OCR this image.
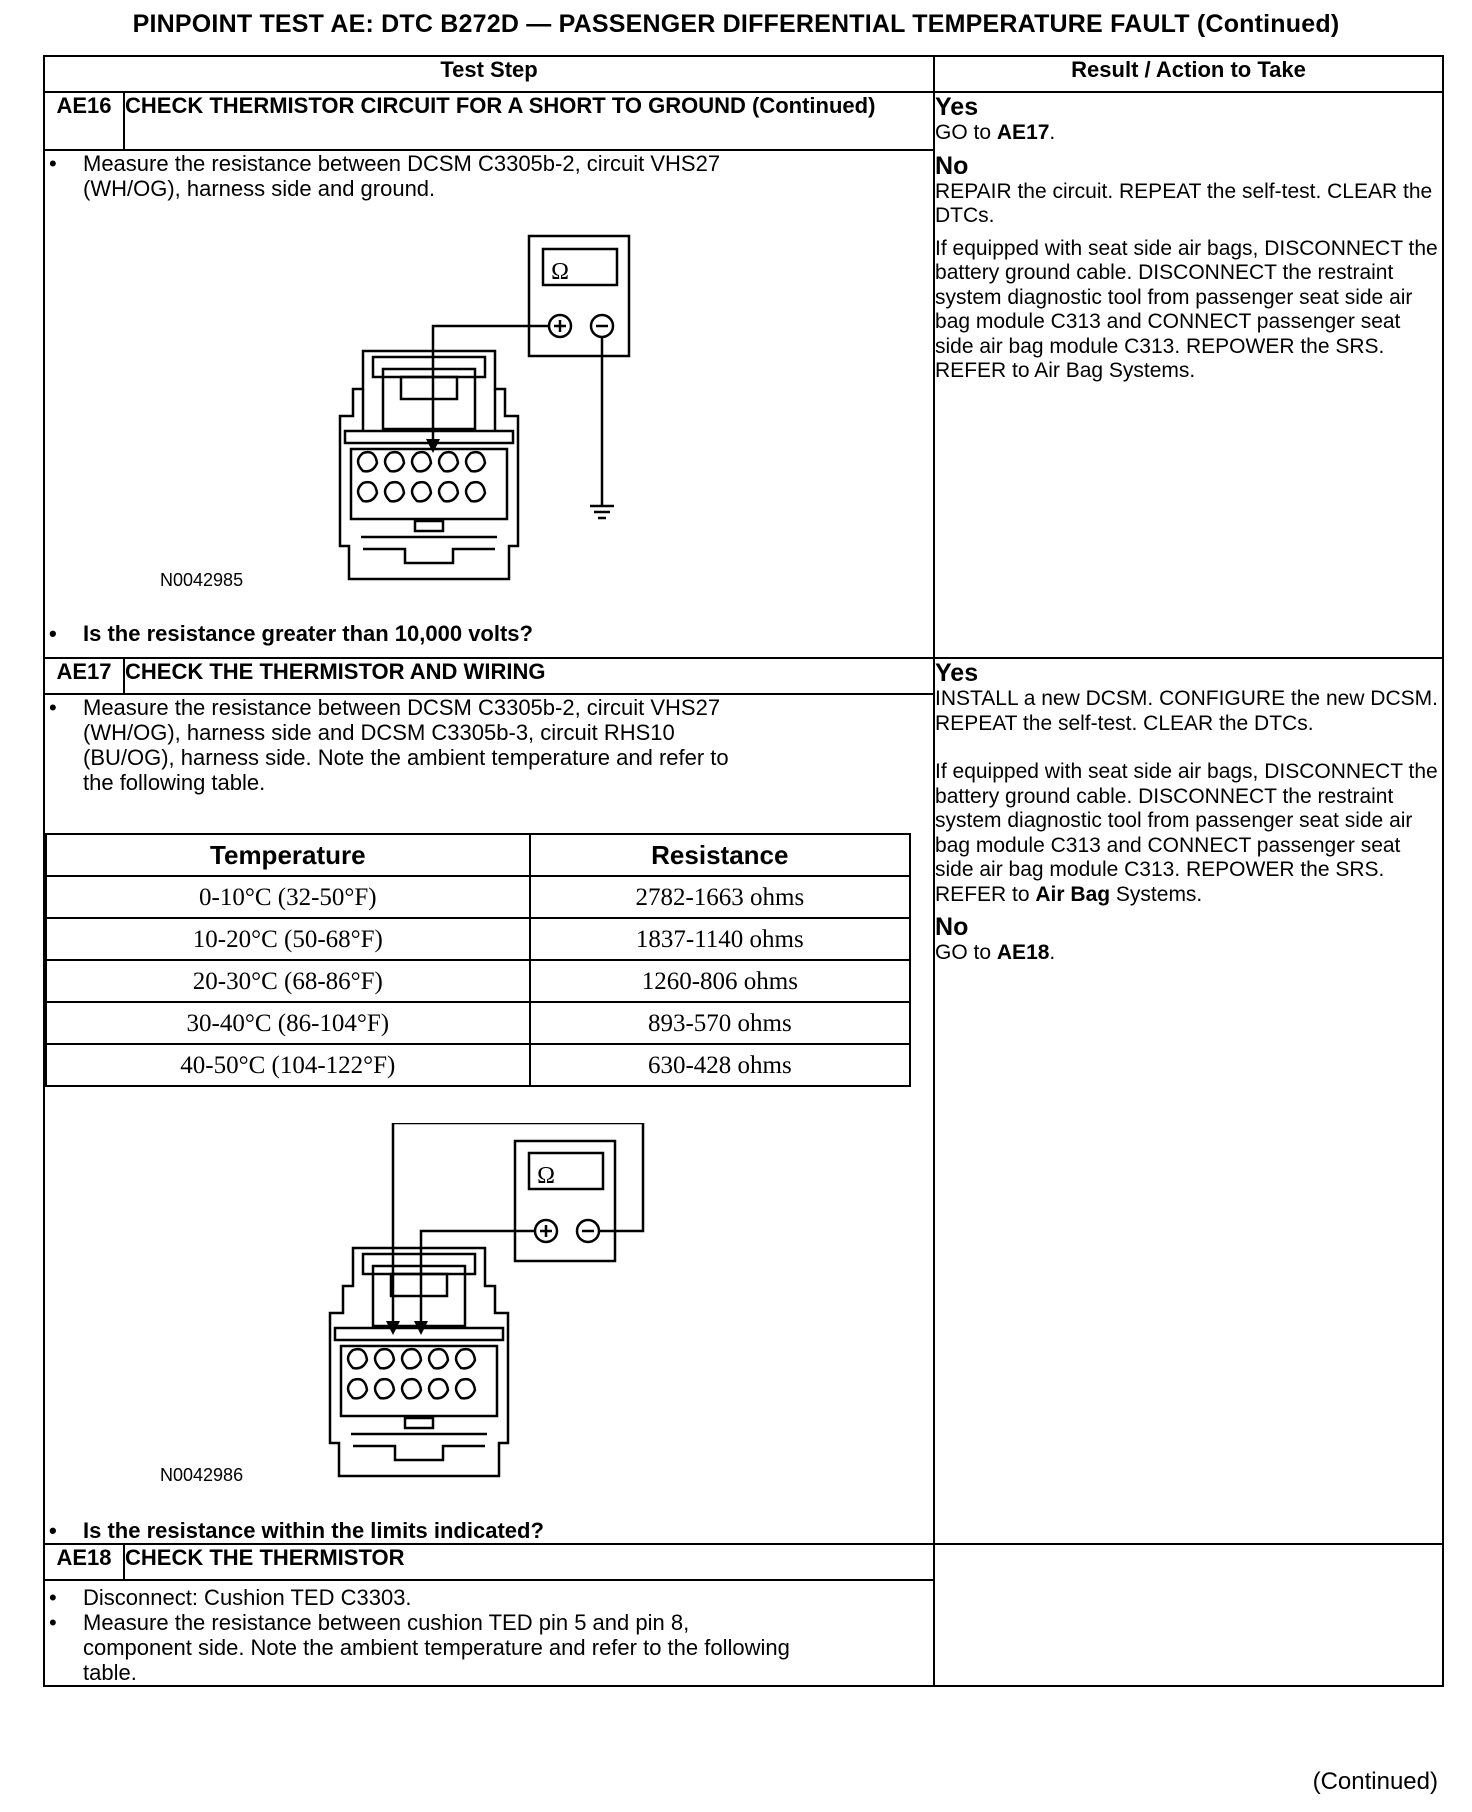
PINPOINT TEST AE: DTC B272D — PASSENGER DIFFERENTIAL TEMPERATURE FAULT (Continued)
Test Step	Result / Action to Take
AE16	CHECK THERMISTOR CIRCUIT FOR A SHORT TO GROUND (Continued)	Yes
GO to AE17.
No
REPAIR the circuit. REPEAT the self-test. CLEAR the DTCs.
If equipped with seat side air bags, DISCONNECT the battery ground cable. DISCONNECT the restraint system diagnostic tool from passenger seat side air bag module C313 and CONNECT passenger seat side air bag module C313. REPOWER the SRS. REFER to Air Bag Systems.

• Measure the resistance between DCSM C3305b-2, circuit VHS27 (WH/OG), harness side and ground.
Ω
N0042985
• Is the resistance greater than 10,000 volts?

AE17	CHECK THE THERMISTOR AND WIRING	Yes
INSTALL a new DCSM. CONFIGURE the new DCSM. REPEAT the self-test. CLEAR the DTCs.
If equipped with seat side air bags, DISCONNECT the battery ground cable. DISCONNECT the restraint system diagnostic tool from passenger seat side air bag module C313 and CONNECT passenger seat side air bag module C313. REPOWER the SRS. REFER to Air Bag Systems.
No
GO to AE18.

• Measure the resistance between DCSM C3305b-2, circuit VHS27 (WH/OG), harness side and DCSM C3305b-3, circuit RHS10 (BU/OG), harness side. Note the ambient temperature and refer to the following table.
Temperature	Resistance
0-10°C (32-50°F)	2782-1663 ohms
10-20°C (50-68°F)	1837-1140 ohms
20-30°C (68-86°F)	1260-806 ohms
30-40°C (86-104°F)	893-570 ohms
40-50°C (104-122°F)	630-428 ohms
Ω
N0042986
• Is the resistance within the limits indicated?

AE18	CHECK THE THERMISTOR	

• Disconnect: Cushion TED C3303.
• Measure the resistance between cushion TED pin 5 and pin 8, component side. Note the ambient temperature and refer to the following table.
(Continued)
